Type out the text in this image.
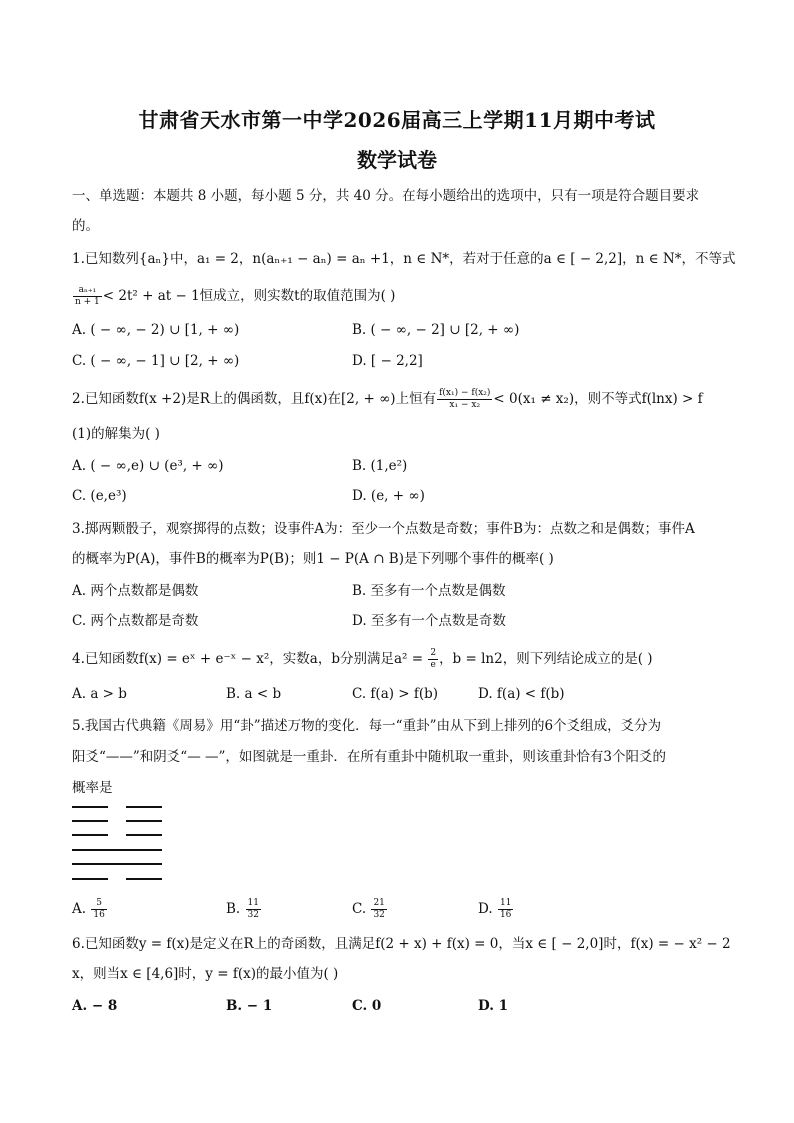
甘肃省天水市第一中学2026届高三上学期11月期中考试
数学试卷
一、单选题：本题共 8 小题，每小题 5 分，共 40 分。在每小题给出的选项中，只有一项是符合题目要求
的。
1.已知数列{aₙ}中，a₁ = 2，n(aₙ₊₁ − aₙ) = aₙ +1，n ∈ N*，若对于任意的a ∈ [ − 2,2]，n ∈ N*，不等式
$\frac{\text{aₙ₊₁}}{n + 1} < 2t^2$ + at − 1恒成立，则实数t的取值范围为( )
A. ( − ∞, − 2) ∪ [1, + ∞)	B. ( − ∞, − 2] ∪ [2, + ∞)
C. ( − ∞, − 1] ∪ [2, + ∞)	D. [ − 2,2]
2.已知函数f(x +2)是R上的偶函数，且f(x)在[2, + ∞)上恒有 $\frac{\text{f(x₁) − f(x₂)}}{\text{x₁ − x₂}} < 0(x_1 \ne x_2)$，则不等式f(lnx) > f
(1)的解集为( )
A. ( − ∞,e) ∪ (e³, + ∞)	B. (1,e²)
C. (e,e³)	D. (e, + ∞)
3.掷两颗骰子，观察掷得的点数；设事件A为：至少一个点数是奇数；事件B为：点数之和是偶数；事件A
的概率为P(A)，事件B的概率为P(B)；则1 − P(A ∩ B)是下列哪个事件的概率( )
A. 两个点数都是偶数	B. 至多有一个点数是偶数
C. 两个点数都是奇数	D. 至多有一个点数是奇数
4.已知函数f(x) = eˣ + e⁻ˣ − x²，实数a，b分别满足$a^2 = \frac{2}{e}$ ，b = ln2，则下列结论成立的是( )
A. a > b	B. a < b	C. f(a) > f(b)	D. f(a) < f(b)
5.我国古代典籍《周易》用“卦”描述万物的变化．每一“重卦”由从下到上排列的6个爻组成，爻分为
阳爻“——”和阴爻“— —”，如图就是一重卦．在所有重卦中随机取一重卦，则该重卦恰有3个阳爻的
概率是
A. $\frac{5}{16}$	B. $\frac{11}{32}$	C. $\frac{21}{32}$	D. $\frac{11}{16}$
6.已知函数y = f(x)是定义在R上的奇函数，且满足f(2 + x) + f(x) = 0，当x ∈ [ − 2,0]时，f(x) = − x² − 2
x，则当x ∈ [4,6]时，y = f(x)的最小值为( )
A. − 8	B. − 1	C. 0	D. 1
